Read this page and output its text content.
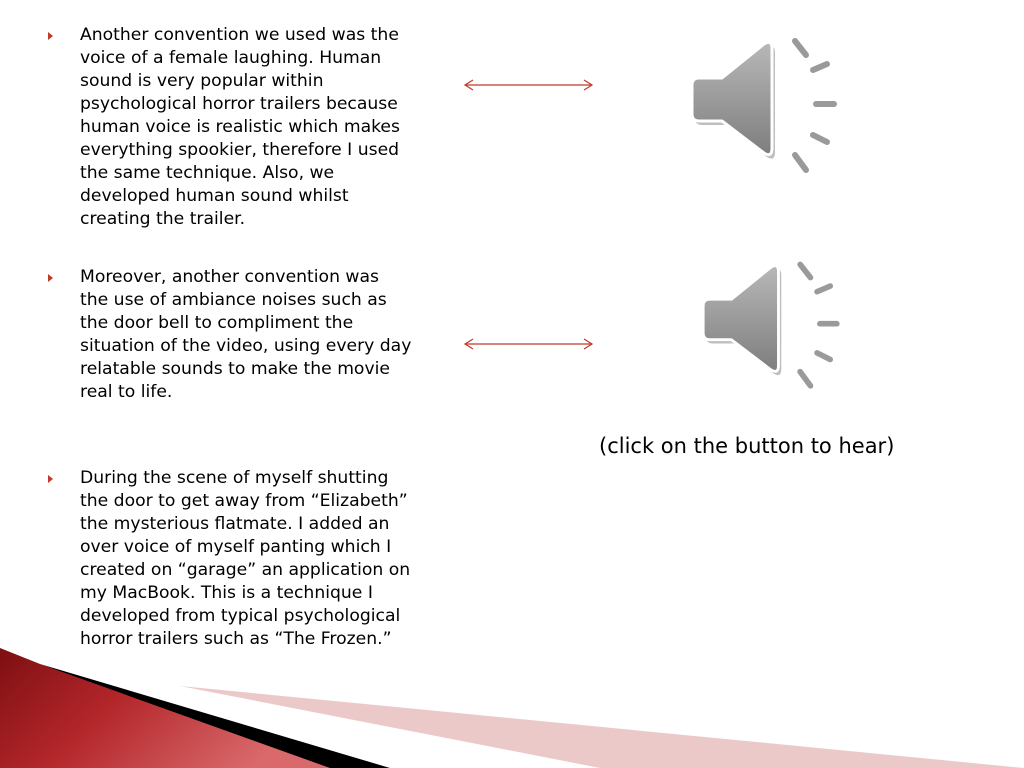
Another convention we used was the
voice of a female laughing. Human
sound is very popular within
psychological horror trailers because
human voice is realistic which makes
everything spookier, therefore I used
the same technique. Also, we
developed human sound whilst
creating the trailer.
Moreover, another convention was
the use of ambiance noises such as
the door bell to compliment the
situation of the video, using every day
relatable sounds to make the movie
real to life.
During the scene of myself shutting
the door to get away from “Elizabeth”
the mysterious flatmate. I added an
over voice of myself panting which I
created on “garage” an application on
my MacBook. This is a technique I
developed from typical psychological
horror trailers such as “The Frozen.”
(click on the button to hear)
